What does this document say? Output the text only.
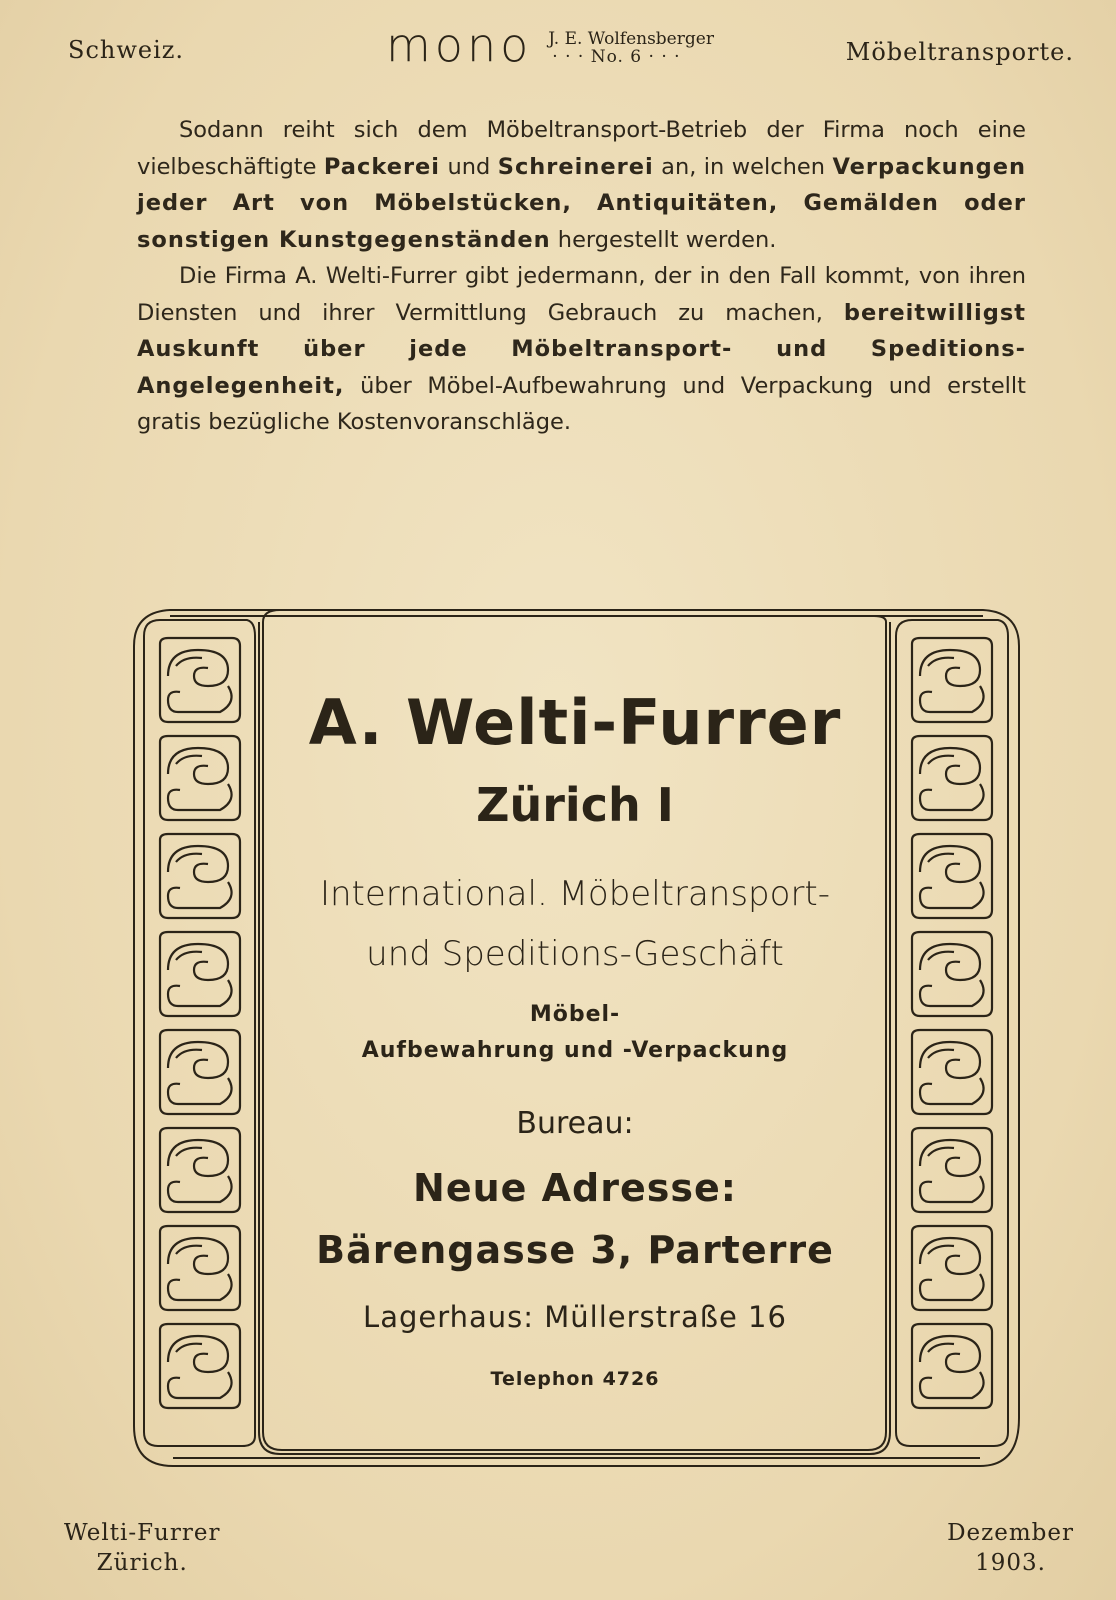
Schweiz.	mono J. E. Wolfensberger
· · · No. 6 · · ·	Möbeltransporte.

Sodann reiht sich dem Möbeltransport-Betrieb der Firma noch eine vielbeschäftigte Packerei und Schreinerei an, in welchen Verpackungen jeder Art von Möbelstücken, Antiquitäten, Gemälden oder sonstigen Kunstgegenständen hergestellt werden.

Die Firma A. Welti-Furrer gibt jedermann, der in den Fall kommt, von ihren Diensten und ihrer Vermittlung Gebrauch zu machen, bereitwilligst Auskunft über jede Möbeltransport- und Speditions-Angelegenheit, über Möbel-Aufbewahrung und Verpackung und erstellt gratis bezügliche Kostenvoranschläge.

A. Welti-Furrer
Zürich I
International. Möbeltransport-
und Speditions-Geschäft
Möbel-
Aufbewahrung und -Verpackung
Bureau:
Neue Adresse:
Bärengasse 3, Parterre
Lagerhaus: Müllerstraße 16
Telephon 4726
Welti-Furrer
Zürich.
Dezember
1903.
